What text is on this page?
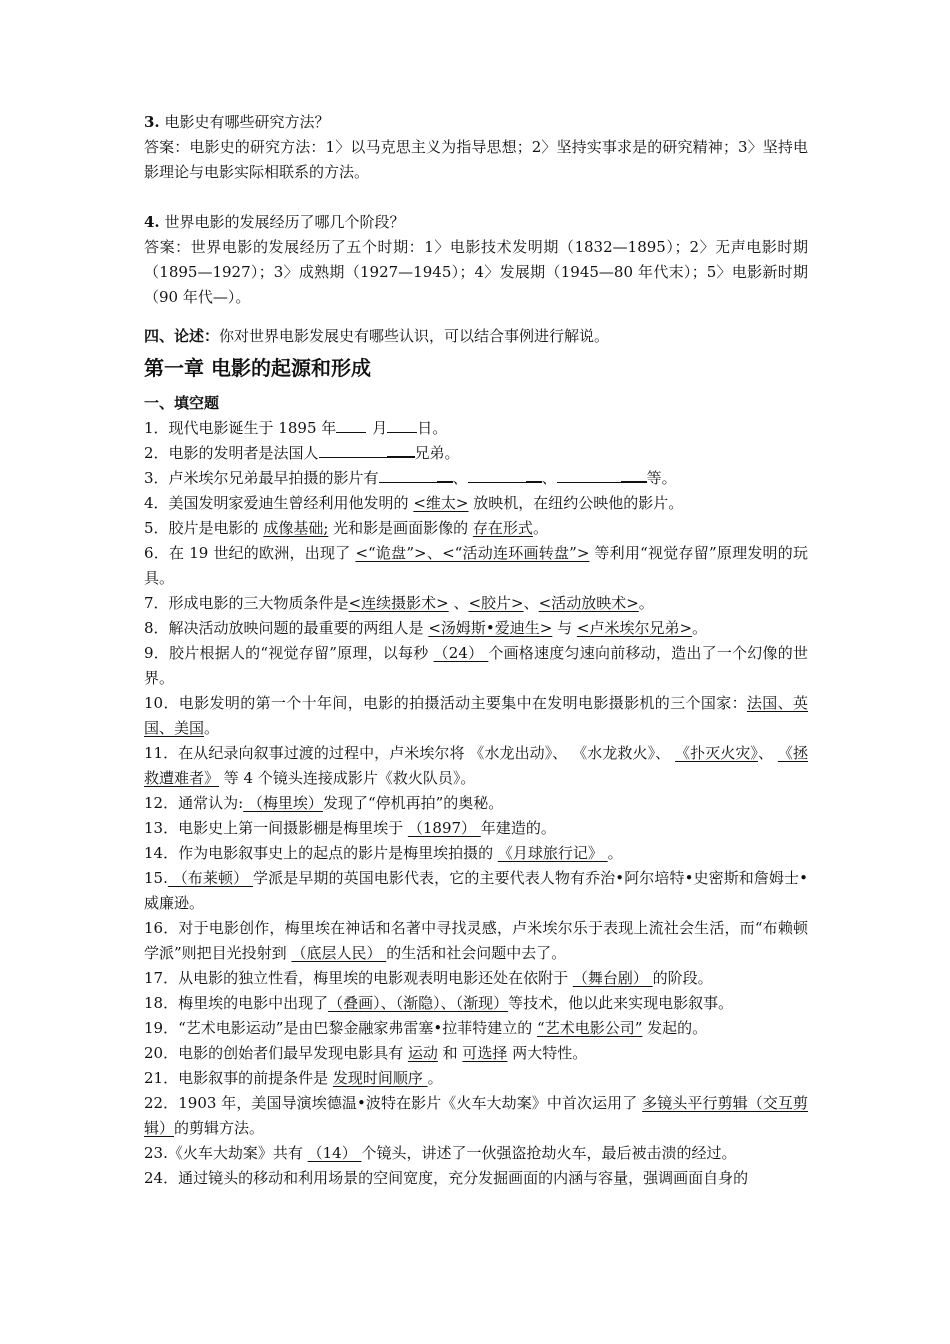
3. 电影史有哪些研究方法？

答案：电影史的研究方法：1〉以马克思主义为指导思想；2〉坚持实事求是的研究精神；3〉坚持电影理论与电影实际相联系的方法。

4. 世界电影的发展经历了哪几个阶段？

答案：世界电影的发展经历了五个时期：1〉电影技术发明期（1832—1895）；2〉无声电影时期（1895—1927）；3〉成熟期（1927—1945）；4〉发展期（1945—80 年代末）；5〉电影新时期（90 年代—）。

四、论述：你对世界电影发展史有哪些认识，可以结合事例进行解说。

第一章 电影的起源和形成
一、填空题

1．现代电影诞生于 1895 年 月 日。

2．电影的发明者是法国人	兄弟。

3．卢米埃尔兄弟最早拍摄的影片有	、	、	等。

4．美国发明家爱迪生曾经利用他发明的 <维太> 放映机，在纽约公映他的影片。

5．胶片是电影的 成像基础; 光和影是画面影像的 存在形式。

6．在 19 世纪的欧洲，出现了 <“诡盘”>、<“活动连环画转盘”> 等利用“视觉存留”原理发明的玩具。

7．形成电影的三大物质条件是<连续摄影术> 、<胶片>、<活动放映术>。

8．解决活动放映问题的最重要的两组人是 <汤姆斯•爱迪生> 与 <卢米埃尔兄弟>。

9．胶片根据人的“视觉存留”原理，以每秒 （24） 个画格速度匀速向前移动，造出了一个幻像的世界。

10．电影发明的第一个十年间，电影的拍摄活动主要集中在发明电影摄影机的三个国家：法国、英国、美国。

11．在从纪录向叙事过渡的过程中，卢米埃尔将 《水龙出动》、 《水龙救火》、 《扑灭火灾》、 《拯救遭难者》 等 4 个镜头连接成影片《救火队员》。

12．通常认为: （梅里埃）发现了“停机再拍”的奥秘。

13．电影史上第一间摄影棚是梅里埃于 （1897） 年建造的。

14．作为电影叙事史上的起点的影片是梅里埃拍摄的 《月球旅行记》 。

15. （布莱顿） 学派是早期的英国电影代表，它的主要代表人物有乔治•阿尔培特•史密斯和詹姆士•威廉逊。

16．对于电影创作，梅里埃在神话和名著中寻找灵感，卢米埃尔乐于表现上流社会生活，而“布赖顿学派”则把目光投射到 （底层人民） 的生活和社会问题中去了。

17．从电影的独立性看，梅里埃的电影观表明电影还处在依附于 （舞台剧） 的阶段。

18．梅里埃的电影中出现了（叠画）、（渐隐）、（渐现）等技术，他以此来实现电影叙事。

19．“艺术电影运动”是由巴黎金融家弗雷塞•拉菲特建立的 “艺术电影公司” 发起的。

20．电影的创始者们最早发现电影具有 运动 和 可选择 两大特性。

21．电影叙事的前提条件是 发现时间顺序 。

22．1903 年，美国导演埃德温•波特在影片《火车大劫案》中首次运用了 多镜头平行剪辑（交互剪辑）的剪辑方法。

23.《火车大劫案》共有 （14） 个镜头，讲述了一伙强盗抢劫火车，最后被击溃的经过。

24．通过镜头的移动和利用场景的空间宽度，充分发掘画面的内涵与容量，强调画面自身的
